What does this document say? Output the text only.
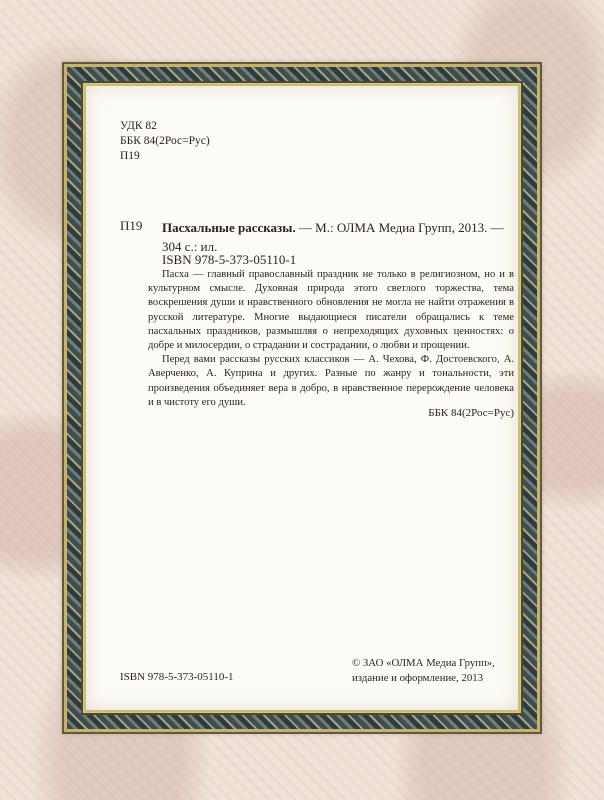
УДК 82
ББК 84(2Рос=Рус)
П19
П19 Пасхальные рассказы. — М.: ОЛМА Медиа Групп, 2013. — 304 с.: ил.
ISBN 978-5-373-05110-1

Пасха — главный православный праздник не только в религиозном, но и в культурном смысле. Духовная природа этого светлого торжества, тема воскрешения души и нравственного обновления не могла не найти отражения в русской литературе. Многие выдающиеся писатели обращались к теме пасхальных праздников, размышляя о непреходящих духовных ценностях: о добре и милосердии, о страдании и сострадании, о любви и прощении.

Перед вами рассказы русских классиков — А. Чехова, Ф. Достоевского, А. Аверченко, А. Куприна и других. Разные по жанру и тональности, эти произведения объединяет вера в добро, в нравственное перерождение человека и в чистоту его души.

ББК 84(2Рос=Рус)
ISBN 978-5-373-05110-1
© ЗАО «ОЛМА Медиа Групп», издание и оформление, 2013
